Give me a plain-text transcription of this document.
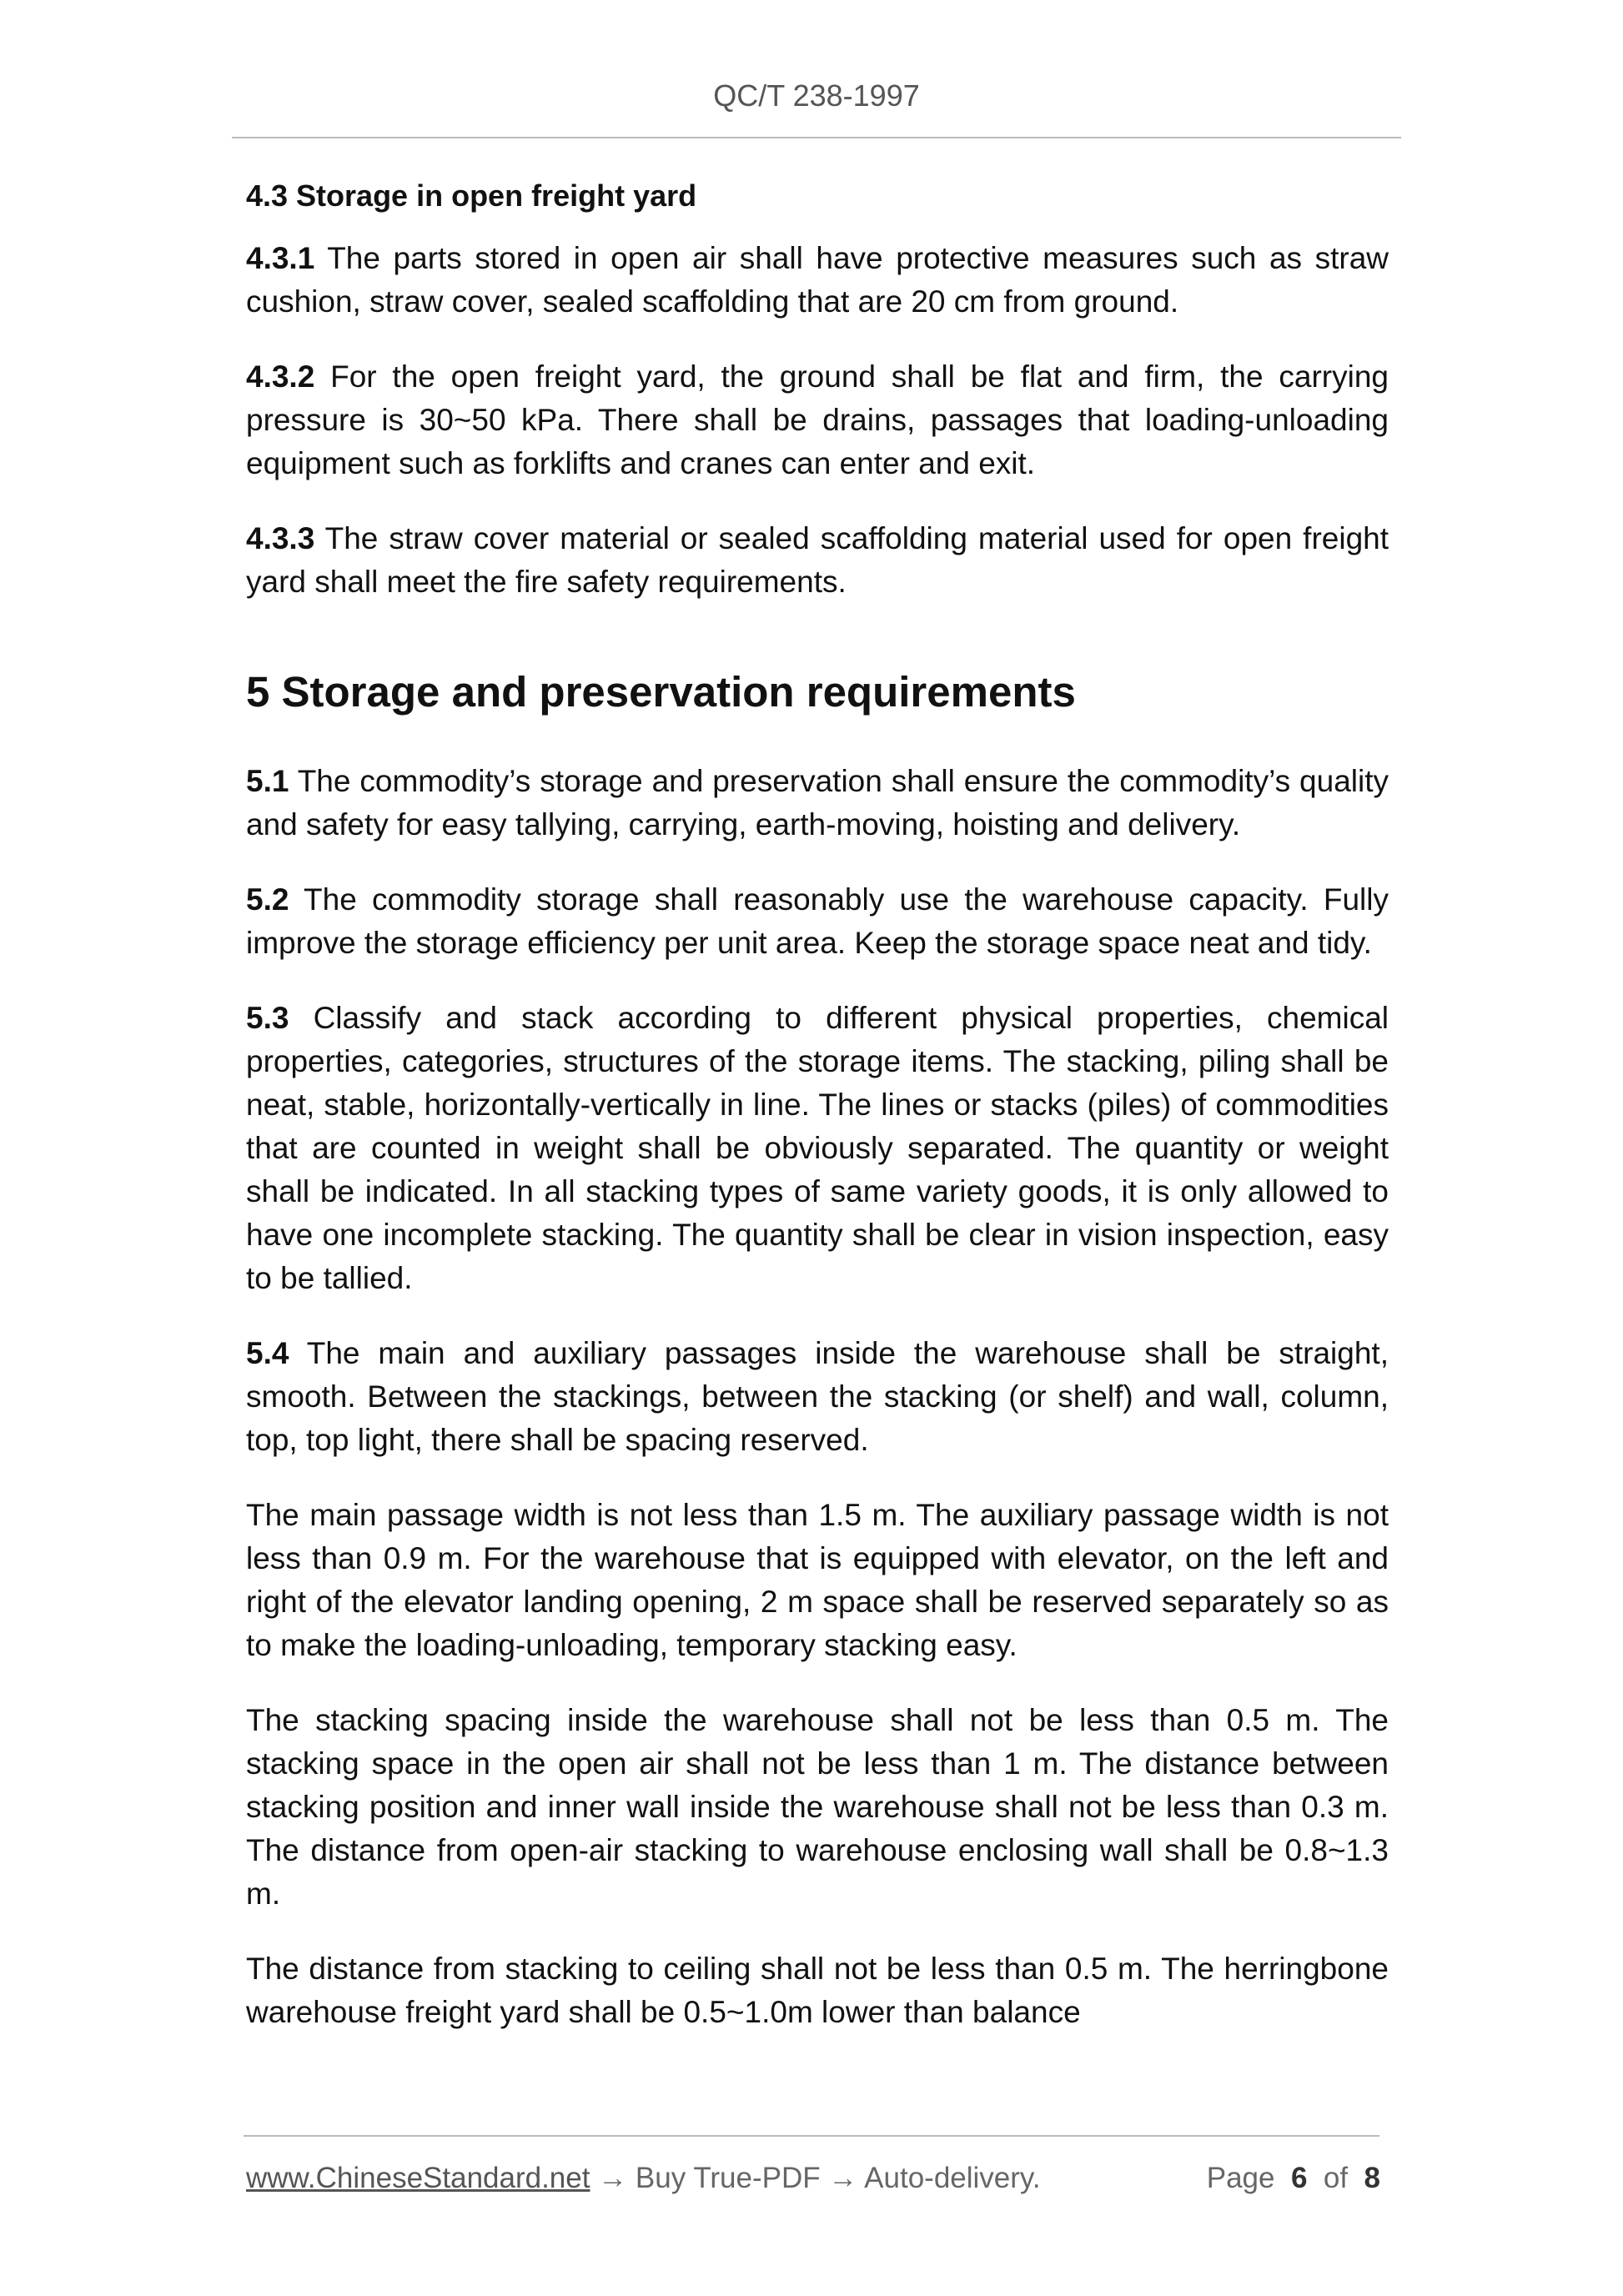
QC/T 238-1997
4.3 Storage in open freight yard

4.3.1 The parts stored in open air shall have protective measures such as straw cushion, straw cover, sealed scaffolding that are 20 cm from ground.

4.3.2 For the open freight yard, the ground shall be flat and firm, the carrying pressure is 30~50 kPa. There shall be drains, passages that loading-unloading equipment such as forklifts and cranes can enter and exit.

4.3.3 The straw cover material or sealed scaffolding material used for open freight yard shall meet the fire safety requirements.

5 Storage and preservation requirements

5.1 The commodity’s storage and preservation shall ensure the commodity’s quality and safety for easy tallying, carrying, earth-moving, hoisting and delivery.

5.2 The commodity storage shall reasonably use the warehouse capacity. Fully improve the storage efficiency per unit area. Keep the storage space neat and tidy.

5.3 Classify and stack according to different physical properties, chemical properties, categories, structures of the storage items. The stacking, piling shall be neat, stable, horizontally-vertically in line. The lines or stacks (piles) of commodities that are counted in weight shall be obviously separated. The quantity or weight shall be indicated. In all stacking types of same variety goods, it is only allowed to have one incomplete stacking. The quantity shall be clear in vision inspection, easy to be tallied.

5.4 The main and auxiliary passages inside the warehouse shall be straight, smooth. Between the stackings, between the stacking (or shelf) and wall, column, top, top light, there shall be spacing reserved.

The main passage width is not less than 1.5 m. The auxiliary passage width is not less than 0.9 m. For the warehouse that is equipped with elevator, on the left and right of the elevator landing opening, 2 m space shall be reserved separately so as to make the loading-unloading, temporary stacking easy.

The stacking spacing inside the warehouse shall not be less than 0.5 m. The stacking space in the open air shall not be less than 1 m. The distance between stacking position and inner wall inside the warehouse shall not be less than 0.3 m. The distance from open-air stacking to warehouse enclosing wall shall be 0.8~1.3 m.

The distance from stacking to ceiling shall not be less than 0.5 m. The herringbone warehouse freight yard shall be 0.5~1.0m lower than balance

www.ChineseStandard.net → Buy True-PDF → Auto-delivery.	Page 6 of 8
